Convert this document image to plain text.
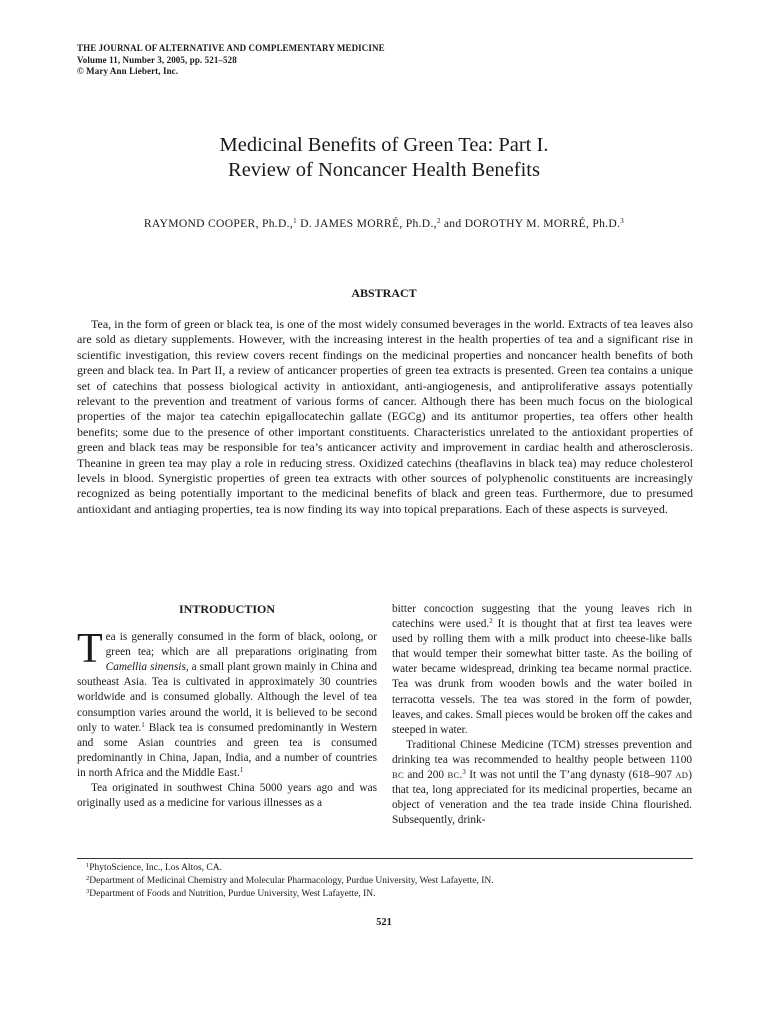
THE JOURNAL OF ALTERNATIVE AND COMPLEMENTARY MEDICINE
Volume 11, Number 3, 2005, pp. 521–528
© Mary Ann Liebert, Inc.
Medicinal Benefits of Green Tea: Part I.
Review of Noncancer Health Benefits
RAYMOND COOPER, Ph.D.,$^1$ D. JAMES MORRÉ, Ph.D.,$^2$ and DOROTHY M. MORRÉ, Ph.D.$^3$
ABSTRACT

Tea, in the form of green or black tea, is one of the most widely consumed beverages in the world. Extracts of tea leaves also are sold as dietary supplements. However, with the increasing interest in the health properties of tea and a significant rise in scientific investigation, this review covers recent findings on the medicinal properties and noncancer health benefits of both green and black tea. In Part II, a review of anticancer properties of green tea extracts is presented. Green tea contains a unique set of catechins that possess biological activity in antioxidant, anti-angiogenesis, and antiproliferative assays potentially relevant to the prevention and treatment of various forms of cancer. Although there has been much focus on the biological properties of the major tea catechin epigallocatechin gallate (EGCg) and its antitumor properties, tea offers other health benefits; some due to the presence of other important constituents. Characteristics unrelated to the antioxidant properties of green and black teas may be responsible for tea’s anticancer activity and improvement in cardiac health and atherosclerosis. Theanine in green tea may play a role in reducing stress. Oxidized catechins (theaflavins in black tea) may reduce cholesterol levels in blood. Synergistic properties of green tea extracts with other sources of polyphenolic constituents are increasingly recognized as being potentially important to the medicinal benefits of black and green teas. Furthermore, due to presumed antioxidant and antiaging properties, tea is now finding its way into topical preparations. Each of these aspects is surveyed.

INTRODUCTION

Tea is generally consumed in the form of black, oolong, or green tea; which are all preparations originating from Camellia sinensis, a small plant grown mainly in China and southeast Asia. Tea is cultivated in approximately 30 countries worldwide and is consumed globally. Although the level of tea consumption varies around the world, it is believed to be second only to water.$^1$ Black tea is consumed predominantly in Western and some Asian countries and green tea is consumed predominantly in China, Japan, India, and a number of countries in north Africa and the Middle East.$^1$

Tea originated in southwest China 5000 years ago and was originally used as a medicine for various illnesses as a

bitter concoction suggesting that the young leaves rich in catechins were used.$^2$ It is thought that at first tea leaves were used by rolling them with a milk product into cheese-like balls that would temper their somewhat bitter taste. As the boiling of water became widespread, drinking tea became normal practice. Tea was drunk from wooden bowls and the water boiled in terracotta vessels. The tea was stored in the form of powder, leaves, and cakes. Small pieces would be broken off the cakes and steeped in water.

Traditional Chinese Medicine (TCM) stresses prevention and drinking tea was recommended to healthy people between 1100 BC and 200 BC.$^3$ It was not until the T’ang dynasty (618–907 AD) that tea, long appreciated for its medicinal properties, became an object of veneration and the tea trade inside China flourished. Subsequently, drink-

$^1$PhytoScience, Inc., Los Altos, CA.
$^2$Department of Medicinal Chemistry and Molecular Pharmacology, Purdue University, West Lafayette, IN.
$^3$Department of Foods and Nutrition, Purdue University, West Lafayette, IN.
521
